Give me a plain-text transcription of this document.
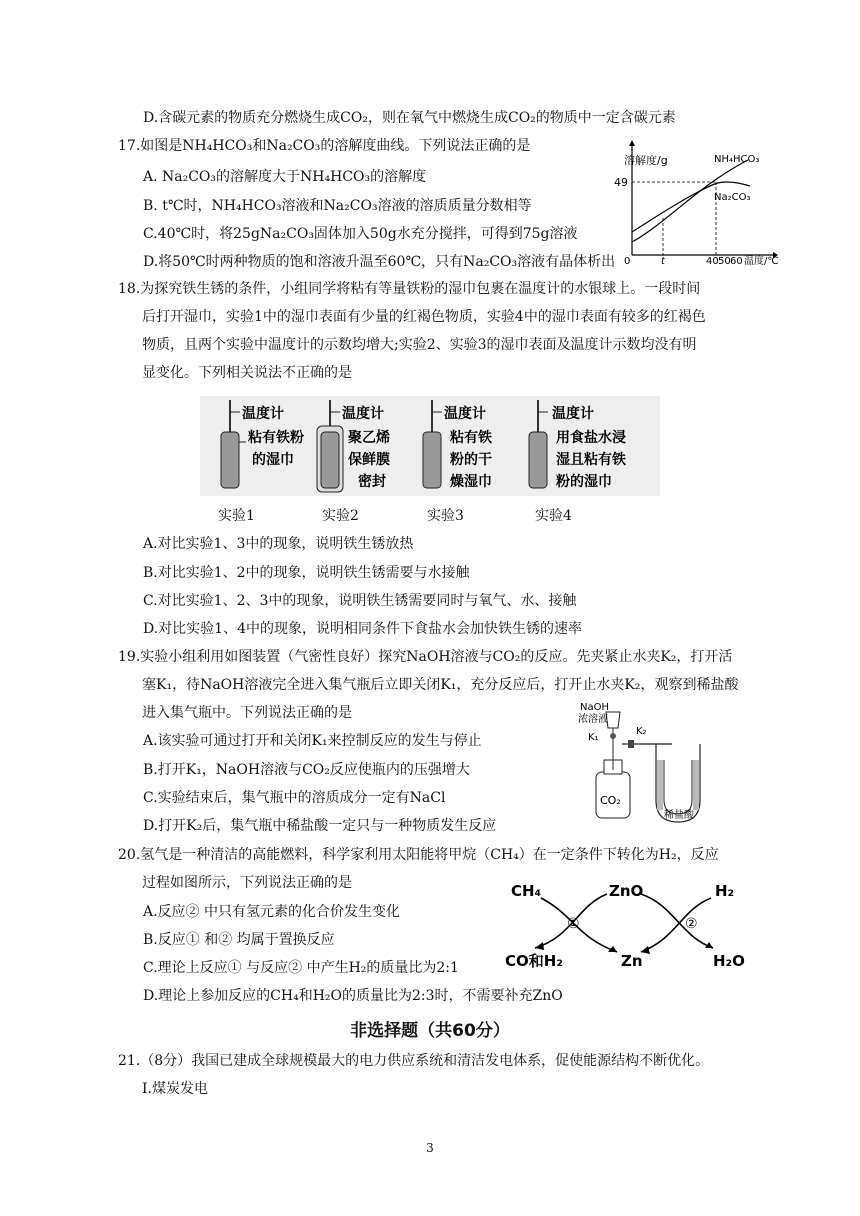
D.含碳元素的物质充分燃烧生成CO₂，则在氧气中燃烧生成CO₂的物质中一定含碳元素
17.如图是NH₄HCO₃和Na₂CO₃的溶解度曲线。下列说法正确的是
A. Na₂CO₃的溶解度大于NH₄HCO₃的溶解度
B. t℃时，NH₄HCO₃溶液和Na₂CO₃溶液的溶质质量分数相等
C.40℃时，将25gNa₂CO₃固体加入50g水充分搅拌，可得到75g溶液
D.将50℃时两种物质的饱和溶液升温至60℃，只有Na₂CO₃溶液有晶体析出
溶解度/g	NH₄HCO₃
Na₂CO₃
49
0	t	40 50 60 温度/℃
18.为探究铁生锈的条件，小组同学将粘有等量铁粉的湿巾包裹在温度计的水银球上。一段时间
后打开湿巾，实验1中的湿巾表面有少量的红褐色物质，实验4中的湿巾表面有较多的红褐色
物质，且两个实验中温度计的示数均增大;实验2、实验3的湿巾表面及温度计示数均没有明
显变化。下列相关说法不正确的是
温度计
粘有铁粉
的湿巾
温度计
聚乙烯
保鲜膜
密封
温度计
粘有铁
粉的干
燥湿巾
温度计
用食盐水浸
湿且粘有铁
粉的湿巾
实验1	实验2	实验3	实验4
A.对比实验1、3中的现象，说明铁生锈放热
B.对比实验1、2中的现象，说明铁生锈需要与水接触
C.对比实验1、2、3中的现象，说明铁生锈需要同时与氧气、水、接触
D.对比实验1、4中的现象，说明相同条件下食盐水会加快铁生锈的速率
19.实验小组利用如图装置（气密性良好）探究NaOH溶液与CO₂的反应。先夹紧止水夹K₂，打开活
塞K₁，待NaOH溶液完全进入集气瓶后立即关闭K₁，充分反应后，打开止水夹K₂，观察到稀盐酸
进入集气瓶中。下列说法正确的是
A.该实验可通过打开和关闭K₁来控制反应的发生与停止
B.打开K₁，NaOH溶液与CO₂反应使瓶内的压强增大
C.实验结束后，集气瓶中的溶质成分一定有NaCl
D.打开K₂后，集气瓶中稀盐酸一定只与一种物质发生反应
NaOH
浓溶液
K₁
K₂
CO₂
稀盐酸
20.氢气是一种清洁的高能燃料，科学家利用太阳能将甲烷（CH₄）在一定条件下转化为H₂，反应
过程如图所示，下列说法正确的是
A.反应② 中只有氢元素的化合价发生变化
B.反应① 和② 均属于置换反应
C.理论上反应① 与反应② 中产生H₂的质量比为2:1
D.理论上参加反应的CH₄和H₂O的质量比为2:3时，不需要补充ZnO
CH₄	ZnO	H₂
①	②
CO和H₂	Zn	H₂O
非选择题（共60分）
21.（8分）我国已建成全球规模最大的电力供应系统和清洁发电体系，促使能源结构不断优化。
I.煤炭发电
3
